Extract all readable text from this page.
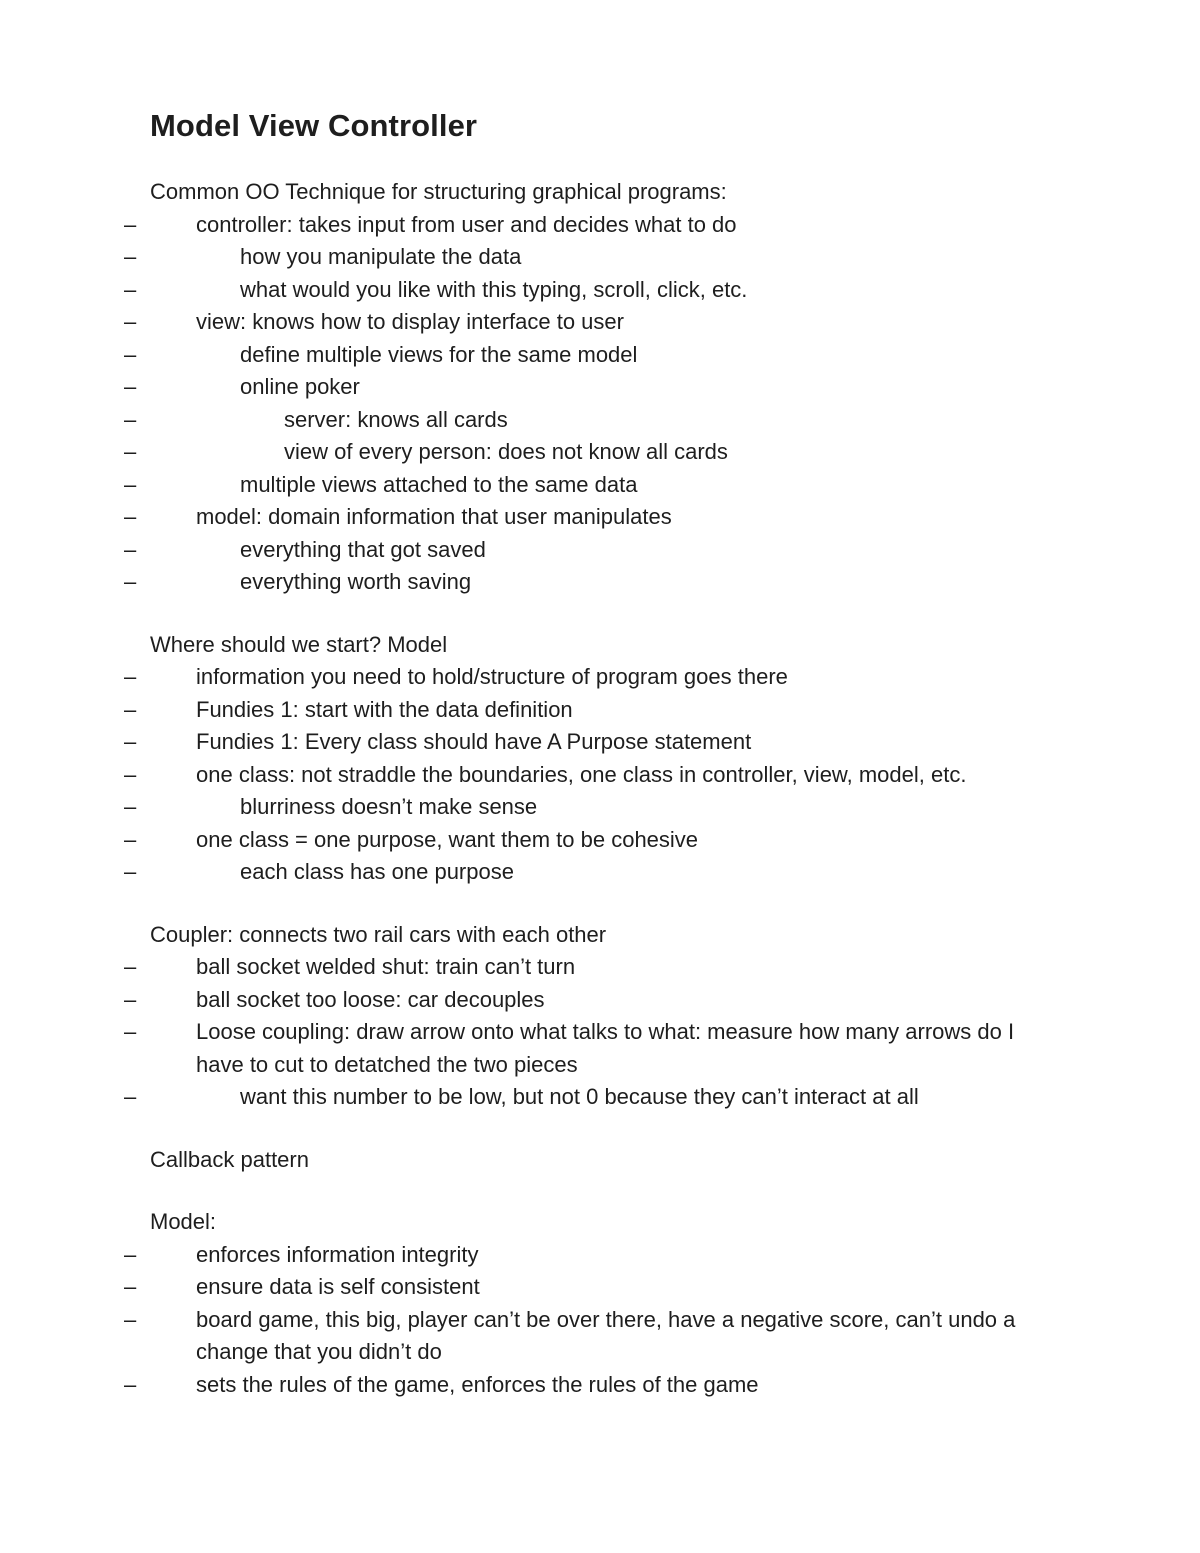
Model View Controller

Common OO Technique for structuring graphical programs:

– controller: takes input from user and decides what to do
– how you manipulate the data
– what would you like with this typing, scroll, click, etc.
– view: knows how to display interface to user
– define multiple views for the same model
– online poker
– server: knows all cards
– view of every person: does not know all cards
– multiple views attached to the same data
– model: domain information that user manipulates
– everything that got saved
– everything worth saving

Where should we start? Model

– information you need to hold/structure of program goes there
– Fundies 1: start with the data definition
– Fundies 1: Every class should have A Purpose statement
– one class: not straddle the boundaries, one class in controller, view, model, etc.
– blurriness doesn’t make sense
– one class = one purpose, want them to be cohesive
– each class has one purpose

Coupler: connects two rail cars with each other

– ball socket welded shut: train can’t turn
– ball socket too loose: car decouples
– Loose coupling: draw arrow onto what talks to what: measure how many arrows do I have to cut to detatched the two pieces
– want this number to be low, but not 0 because they can’t interact at all

Callback pattern

Model:

– enforces information integrity
– ensure data is self consistent
– board game, this big, player can’t be over there, have a negative score, can’t undo a change that you didn’t do
– sets the rules of the game, enforces the rules of the game
